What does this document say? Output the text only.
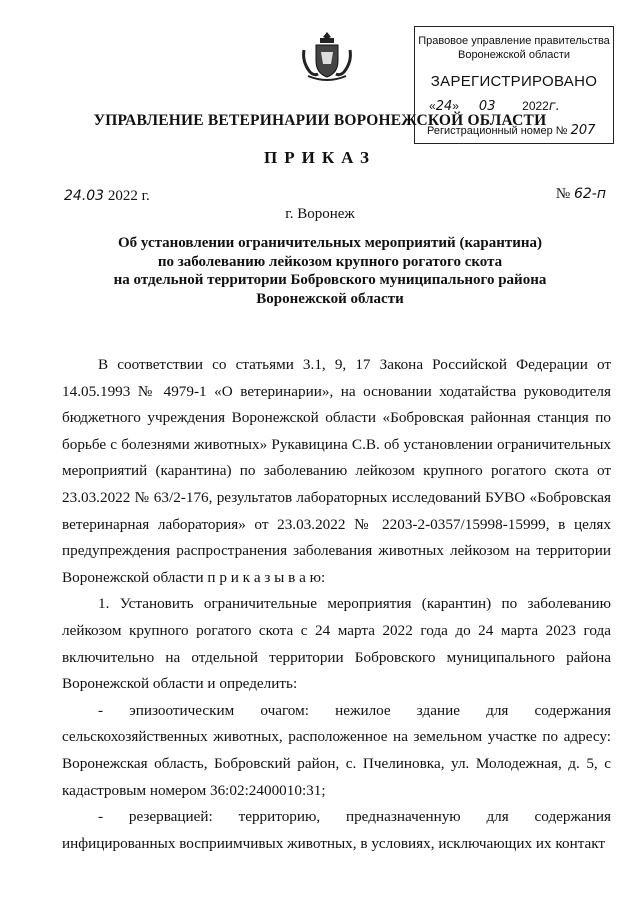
Правовое управление правительства
Воронежской области
ЗАРЕГИСТРИРОВАНО
«24»      03 2022г.
Регистрационный номер № 207
УПРАВЛЕНИЕ ВЕТЕРИНАРИИ ВОРОНЕЖСКОЙ ОБЛАСТИ
ПРИКАЗ
24.03 2022 г.	№ 62-п
г. Воронеж
Об установлении ограничительных мероприятий (карантина)
по заболеванию лейкозом крупного рогатого скота
на отдельной территории Бобровского муниципального района
Воронежской области

В соответствии со статьями 3.1, 9, 17 Закона Российской Федерации от 14.05.1993 № 4979-1 «О ветеринарии», на основании ходатайства руководителя бюджетного учреждения Воронежской области «Бобровская районная станция по борьбе с болезнями животных» Рукавицина С.В. об установлении ограничительных мероприятий (карантина) по заболеванию лейкозом крупного рогатого скота от 23.03.2022 № 63/2-176, результатов лабораторных исследований БУВО «Бобровская ветеринарная лаборатория» от 23.03.2022 № 2203-2-0357/15998-15999, в целях предупреждения распространения заболевания животных лейкозом на территории Воронежской области п р и к а з ы в а ю:

1. Установить ограничительные мероприятия (карантин) по заболеванию лейкозом крупного рогатого скота с 24 марта 2022 года до 24 марта 2023 года включительно на отдельной территории Бобровского муниципального района Воронежской области и определить:

- эпизоотическим очагом: нежилое здание для содержания сельскохозяйственных животных, расположенное на земельном участке по адресу: Воронежская область, Бобровский район, с. Пчелиновка, ул. Молодежная, д. 5, с кадастровым номером 36:02:2400010:31;

- резервацией: территорию, предназначенную для содержания инфицированных восприимчивых животных, в условиях, исключающих их контакт
